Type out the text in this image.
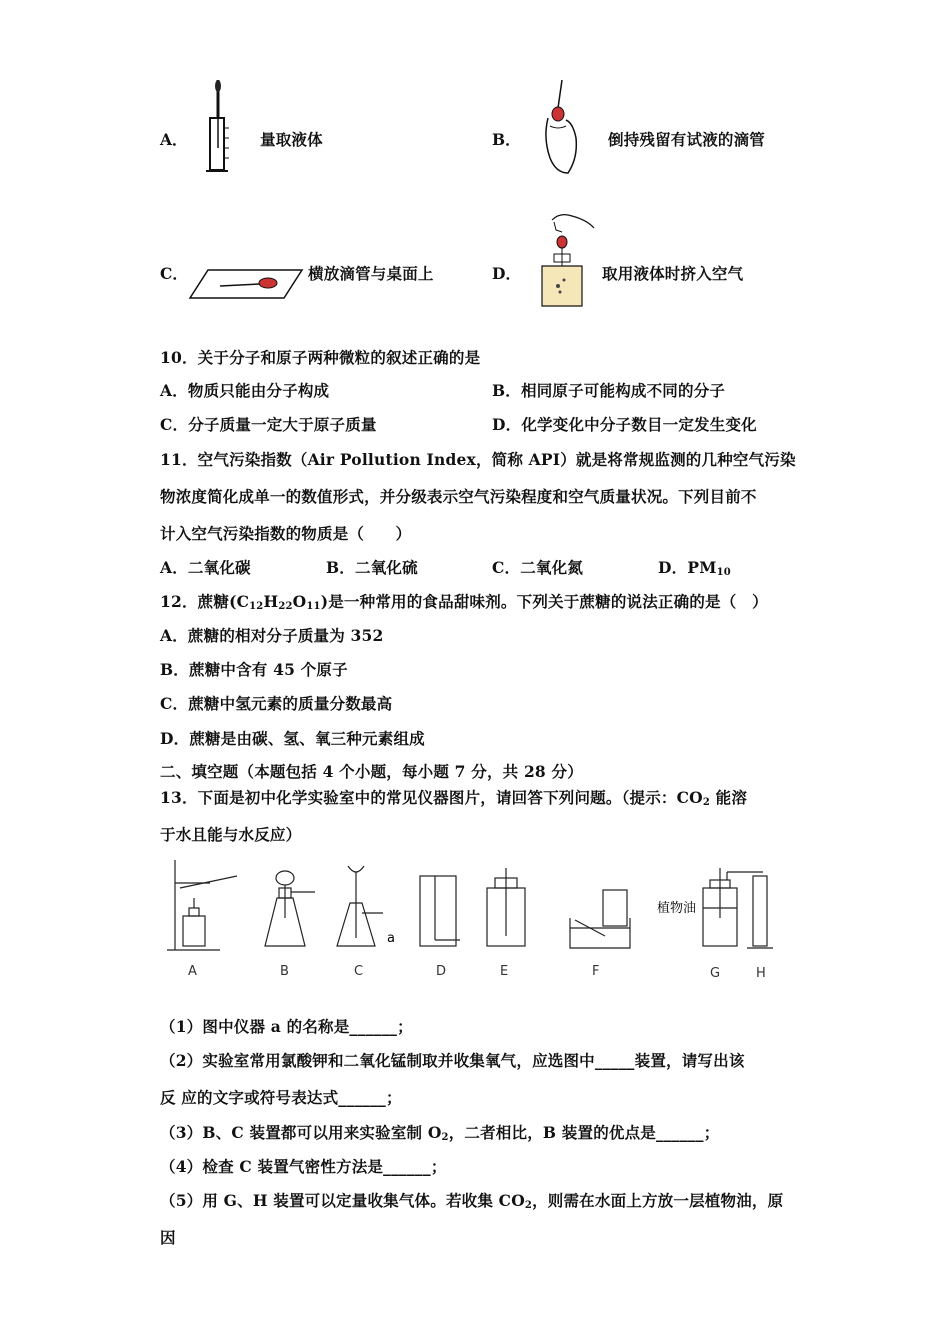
A．	量取液体	B．	倒持残留有试液的滴管
C．	横放滴管与桌面上	D．	取用液体时挤入空气
10．关于分子和原子两种微粒的叙述正确的是
A．物质只能由分子构成	B．相同原子可能构成不同的分子
C．分子质量一定大于原子质量	D．化学变化中分子数目一定发生变化
11．空气污染指数（Air Pollution Index，简称 API）就是将常规监测的几种空气污染
物浓度简化成单一的数值形式，并分级表示空气污染程度和空气质量状况。下列目前不
计入空气污染指数的物质是（　　）
A．二氧化碳	B．二氧化硫	C．二氧化氮	D．$PM_{10}$
12．蔗糖$(C_{12}H_{22}O_{11})$是一种常用的食品甜味剂。下列关于蔗糖的说法正确的是（　）
A．蔗糖的相对分子质量为 352
B．蔗糖中含有 45 个原子
C．蔗糖中氢元素的质量分数最高
D．蔗糖是由碳、氢、氧三种元素组成
二、填空题（本题包括 4 个小题，每小题 7 分，共 28 分）
13．下面是初中化学实验室中的常见仪器图片，请回答下列问题。（提示：$CO_2$ 能溶
于水且能与水反应）
a
植物油
A	B	C	D	E	F	G	H
（1）图中仪器 a 的名称是______；
（2）实验室常用氯酸钾和二氧化锰制取并收集氧气，应选图中_____装置，请写出该
反 应的文字或符号表达式______；
（3）B、C 装置都可以用来实验室制 $O_2$，二者相比，B 装置的优点是______；
（4）检查 C 装置气密性方法是______；
（5）用 G、H 装置可以定量收集气体。若收集 $CO_2$，则需在水面上方放一层植物油，原
因
